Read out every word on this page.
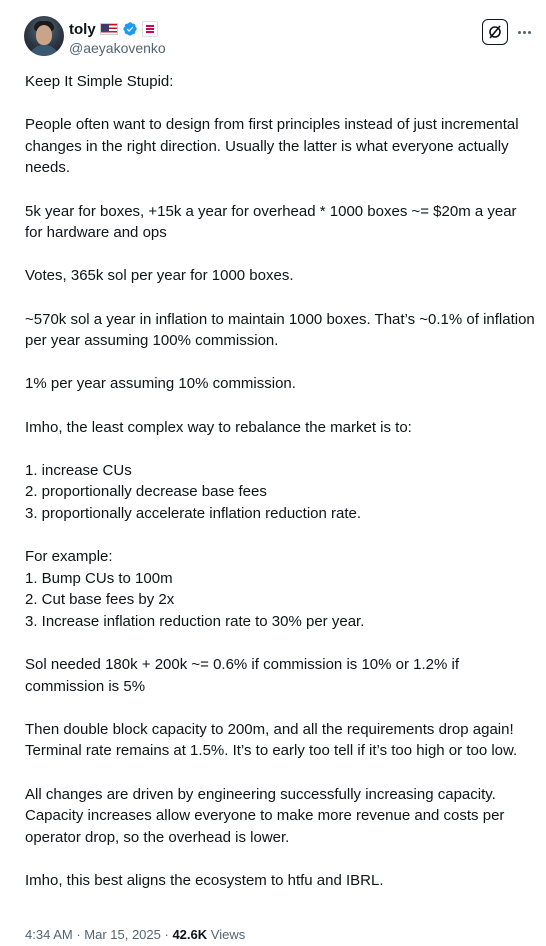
toly
@aeyakovenko

Keep It Simple Stupid:

People often want to design from first principles instead of just incremental changes in the right direction. Usually the latter is what everyone actually needs.

5k year for boxes, +15k a year for overhead * 1000 boxes ~= $20m a year for hardware and ops

Votes, 365k sol per year for 1000 boxes.

~570k sol a year in inflation to maintain 1000 boxes. That’s ~0.1% of inflation per year assuming 100% commission.

1% per year assuming 10% commission.

Imho, the least complex way to rebalance the market is to:

1. increase CUs
2. proportionally decrease base fees
3. proportionally accelerate inflation reduction rate.

For example:
1. Bump CUs to 100m
2. Cut base fees by 2x
3. Increase inflation reduction rate to 30% per year.

Sol needed 180k + 200k ~= 0.6% if commission is 10% or 1.2% if commission is 5%

Then double block capacity to 200m, and all the requirements drop again! Terminal rate remains at 1.5%. It’s to early too tell if it’s too high or too low.

All changes are driven by engineering successfully increasing capacity. Capacity increases allow everyone to make more revenue and costs per operator drop, so the overhead is lower.

Imho, this best aligns the ecosystem to htfu and IBRL.

4:34 AM · Mar 15, 2025 · 42.6K Views
